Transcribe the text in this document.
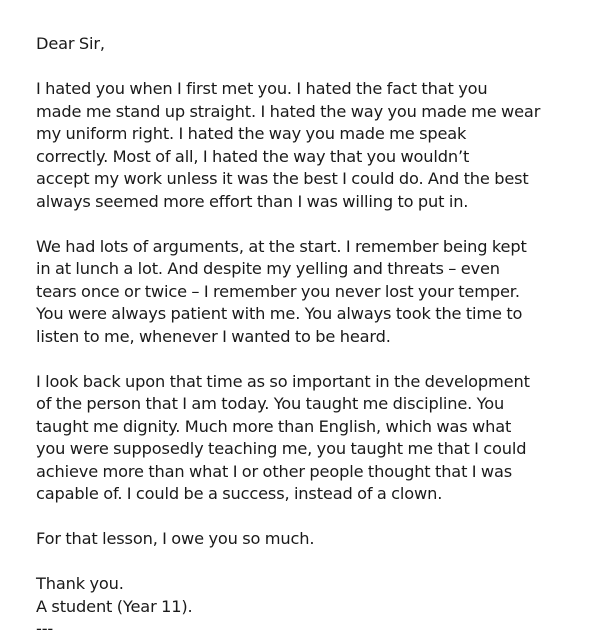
Dear Sir,

I hated you when I first met you. I hated the fact that you
made me stand up straight. I hated the way you made me wear
my uniform right. I hated the way you made me speak
correctly. Most of all, I hated the way that you wouldn’t
accept my work unless it was the best I could do. And the best
always seemed more effort than I was willing to put in.

We had lots of arguments, at the start. I remember being kept
in at lunch a lot. And despite my yelling and threats – even
tears once or twice – I remember you never lost your temper.
You were always patient with me. You always took the time to
listen to me, whenever I wanted to be heard.

I look back upon that time as so important in the development
of the person that I am today. You taught me discipline. You
taught me dignity. Much more than English, which was what
you were supposedly teaching me, you taught me that I could
achieve more than what I or other people thought that I was
capable of. I could be a success, instead of a clown.

For that lesson, I owe you so much.

Thank you.

A student (Year 11).

---
